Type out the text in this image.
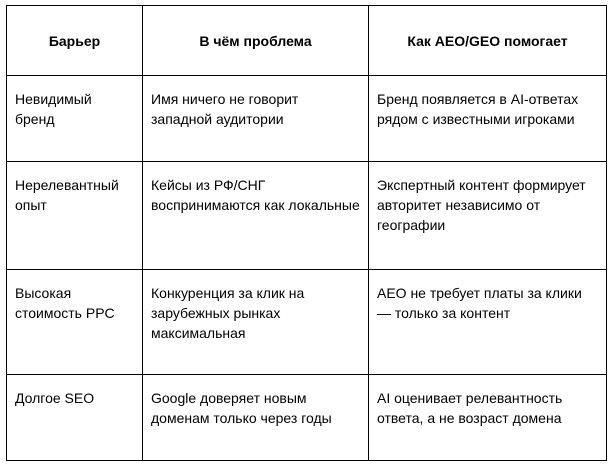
Барьер	В чём проблема	Как AEO/GEO помогает
Невидимый бренд	Имя ничего не говорит западной аудитории	Бренд появляется в AI-ответах рядом с известными игроками
Нерелевантный опыт	Кейсы из РФ/СНГ воспринимаются как локальные	Экспертный контент формирует авторитет независимо от географии
Высокая стоимость PPC	Конкуренция за клик на зарубежных рынках максимальная	AEO не требует платы за клики — только за контент
Долгое SEO	Google доверяет новым доменам только через годы	AI оценивает релевантность ответа, а не возраст домена
